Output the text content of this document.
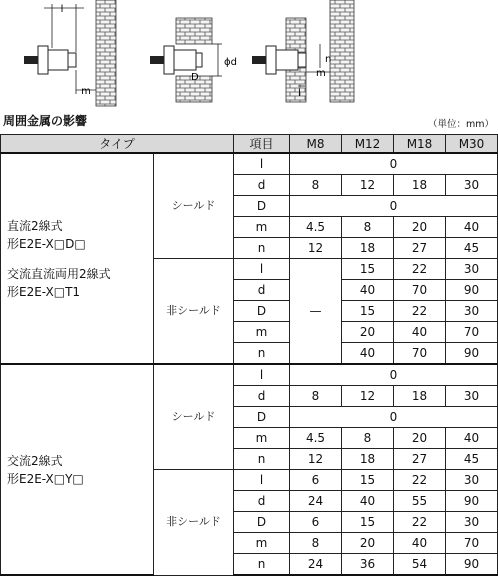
l
m
ϕd
D
n
m
l
周囲金属の影響	（単位：mm）
タイプ		項目	M8	M12	M18	M30

直流2線式
形E2E-X□D□
交流直流両用2線式
形E2E-X□T1	シールド	l	0			
		d	8	12	18	30
		D	0			
		m	4.5	8	20	40
		n	12	18	27	45
	非シールド	l	—	15	22	30
		d		40	70	90
		D		15	22	30
		m		20	40	70
		n		40	70	90

交流2線式
形E2E-X□Y□	シールド	l	0			
		d	8	12	18	30
		D	0			
		m	4.5	8	20	40
		n	12	18	27	45
	非シールド	l	6	15	22	30
		d	24	40	55	90
		D	6	15	22	30
		m	8	20	40	70
		n	24	36	54	90
